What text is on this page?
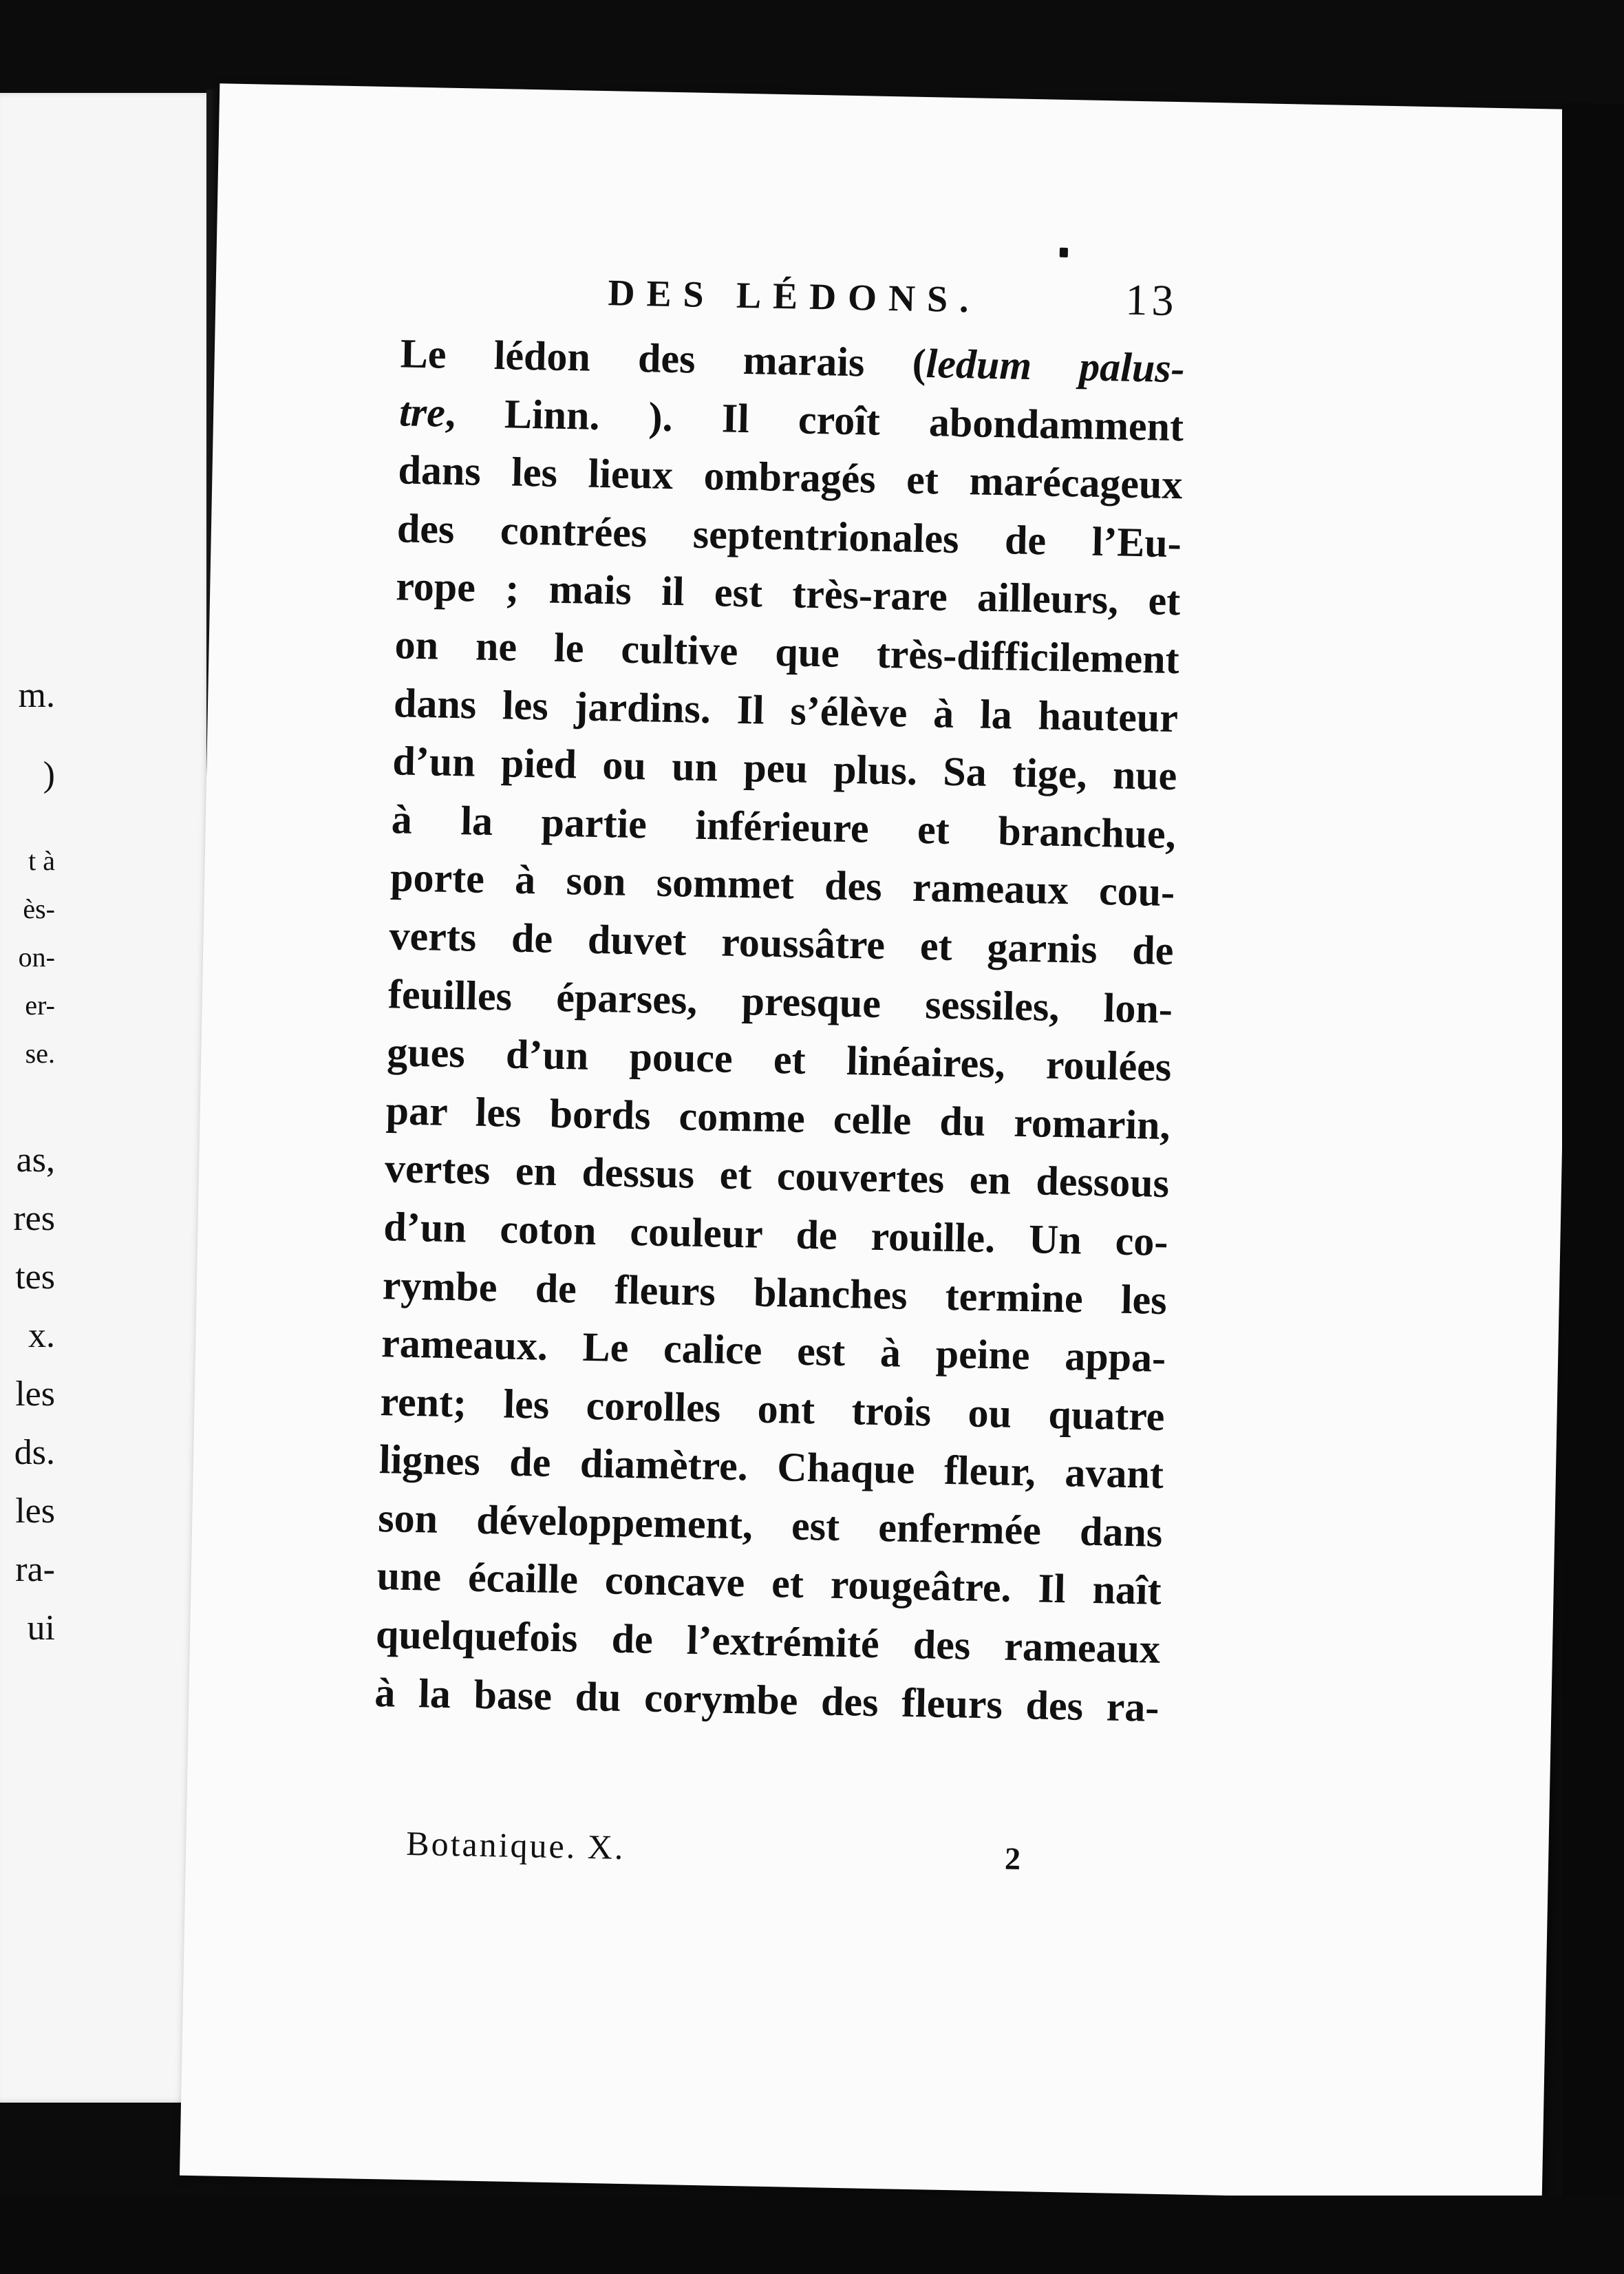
m.
)
t à
ès-
on-
er-
se.
as,
res
tes
x.
les
ds.
les
ra-
ui
DES LÉDONS.	13
Le lédon des marais (ledum palus-
tre, Linn. ). Il croît abondamment
dans les lieux ombragés et marécageux
des contrées septentrionales de l’Eu-
rope ; mais il est très-rare ailleurs, et
on ne le cultive que très-difficilement
dans les jardins. Il s’élève à la hauteur
d’un pied ou un peu plus. Sa tige, nue
à la partie inférieure et branchue,
porte à son sommet des rameaux cou-
verts de duvet roussâtre et garnis de
feuilles éparses, presque sessiles, lon-
gues d’un pouce et linéaires, roulées
par les bords comme celle du romarin,
vertes en dessus et couvertes en dessous
d’un coton couleur de rouille. Un co-
rymbe de fleurs blanches termine les
rameaux. Le calice est à peine appa-
rent; les corolles ont trois ou quatre
lignes de diamètre. Chaque fleur, avant
son développement, est enfermée dans
une écaille concave et rougeâtre. Il naît
quelquefois de l’extrémité des rameaux
à la base du corymbe des fleurs des ra-
Botanique. X.	2
